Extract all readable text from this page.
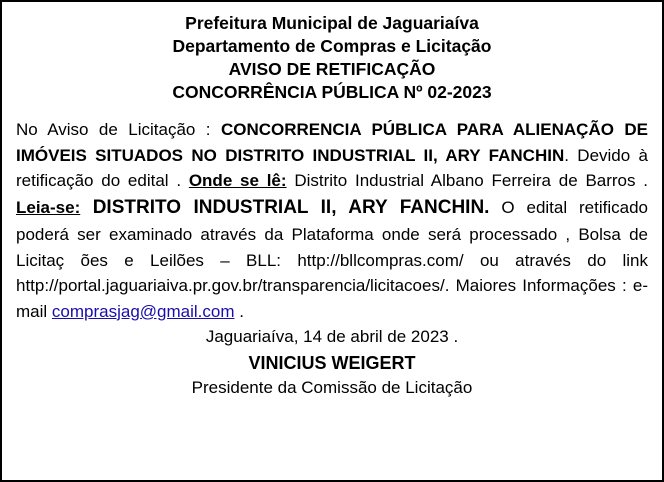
Prefeitura Municipal de Jaguariaíva
Departamento de Compras e Licitação
AVISO DE RETIFICAÇÃO
CONCORRÊNCIA PÚBLICA Nº 02-2023

No Aviso de Licitação : CONCORRENCIA PÚBLICA PARA ALIENAÇÃO DE IMÓVEIS SITUADOS NO DISTRITO INDUSTRIAL II, ARY FANCHIN. Devido à retificação do edital . Onde se lê: Distrito Industrial Albano Ferreira de Barros . Leia-se: DISTRITO INDUSTRIAL II, ARY FANCHIN. O edital retificado poderá ser examinado através da Plataforma onde será processado , Bolsa de Licitaç ões e Leilões – BLL: http://bllcompras.com/ ou através do link http://portal.jaguariaiva.pr.gov.br/transparencia/licitacoes/. Maiores Informações : e-mail comprasjag@gmail.com .

Jaguariaíva, 14 de abril de 2023 .
VINICIUS WEIGERT
Presidente da Comissão de Licitação
